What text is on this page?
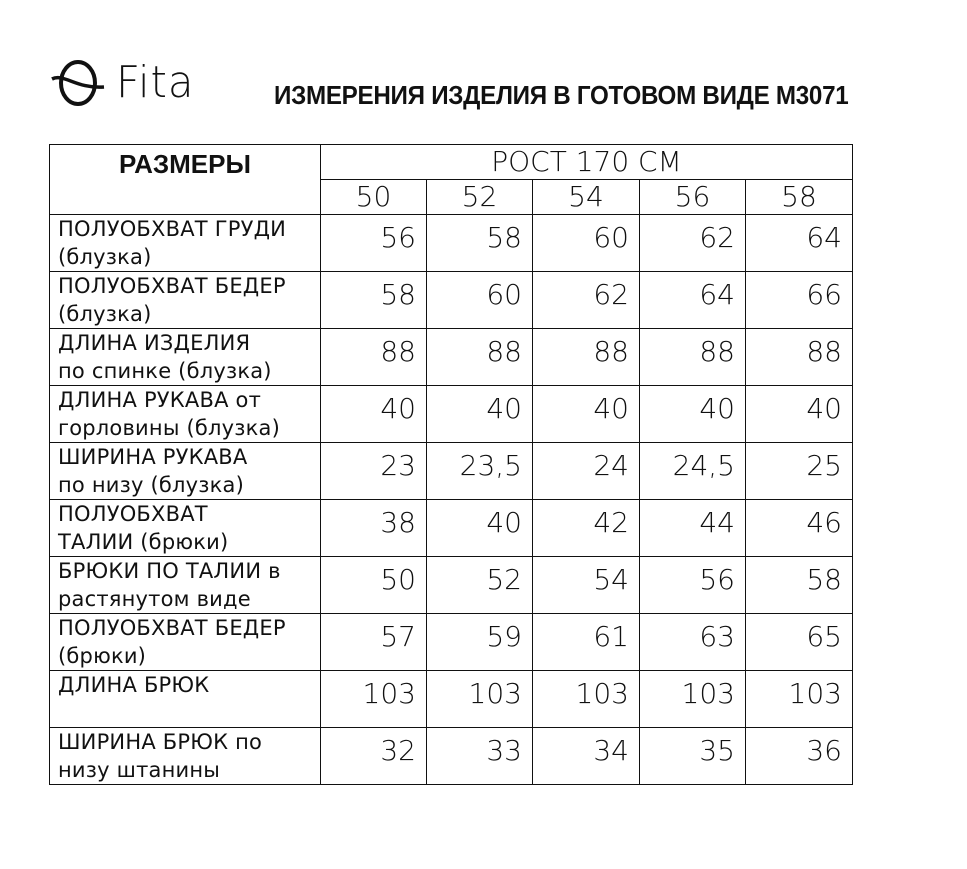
Fita	ИЗМЕРЕНИЯ ИЗДЕЛИЯ В ГОТОВОМ ВИДЕ М3071
РАЗМЕРЫ	РОСТ 170 СМ				
	50	52	54	56	58

ПОЛУОБХВАТ ГРУДИ
(блузка)	56	58	60	62	64

ПОЛУОБХВАТ БЕДЕР
(блузка)	58	60	62	64	66

ДЛИНА ИЗДЕЛИЯ
по спинке (блузка)	88	88	88	88	88

ДЛИНА РУКАВА от
горловины (блузка)	40	40	40	40	40

ШИРИНА РУКАВА
по низу (блузка)	23	23,5	24	24,5	25

ПОЛУОБХВАТ
ТАЛИИ (брюки)	38	40	42	44	46

БРЮКИ ПО ТАЛИИ в
растянутом виде	50	52	54	56	58

ПОЛУОБХВАТ БЕДЕР
(брюки)	57	59	61	63	65

ДЛИНА БРЮК	103	103	103	103	103

ШИРИНА БРЮК по
низу штанины	32	33	34	35	36
